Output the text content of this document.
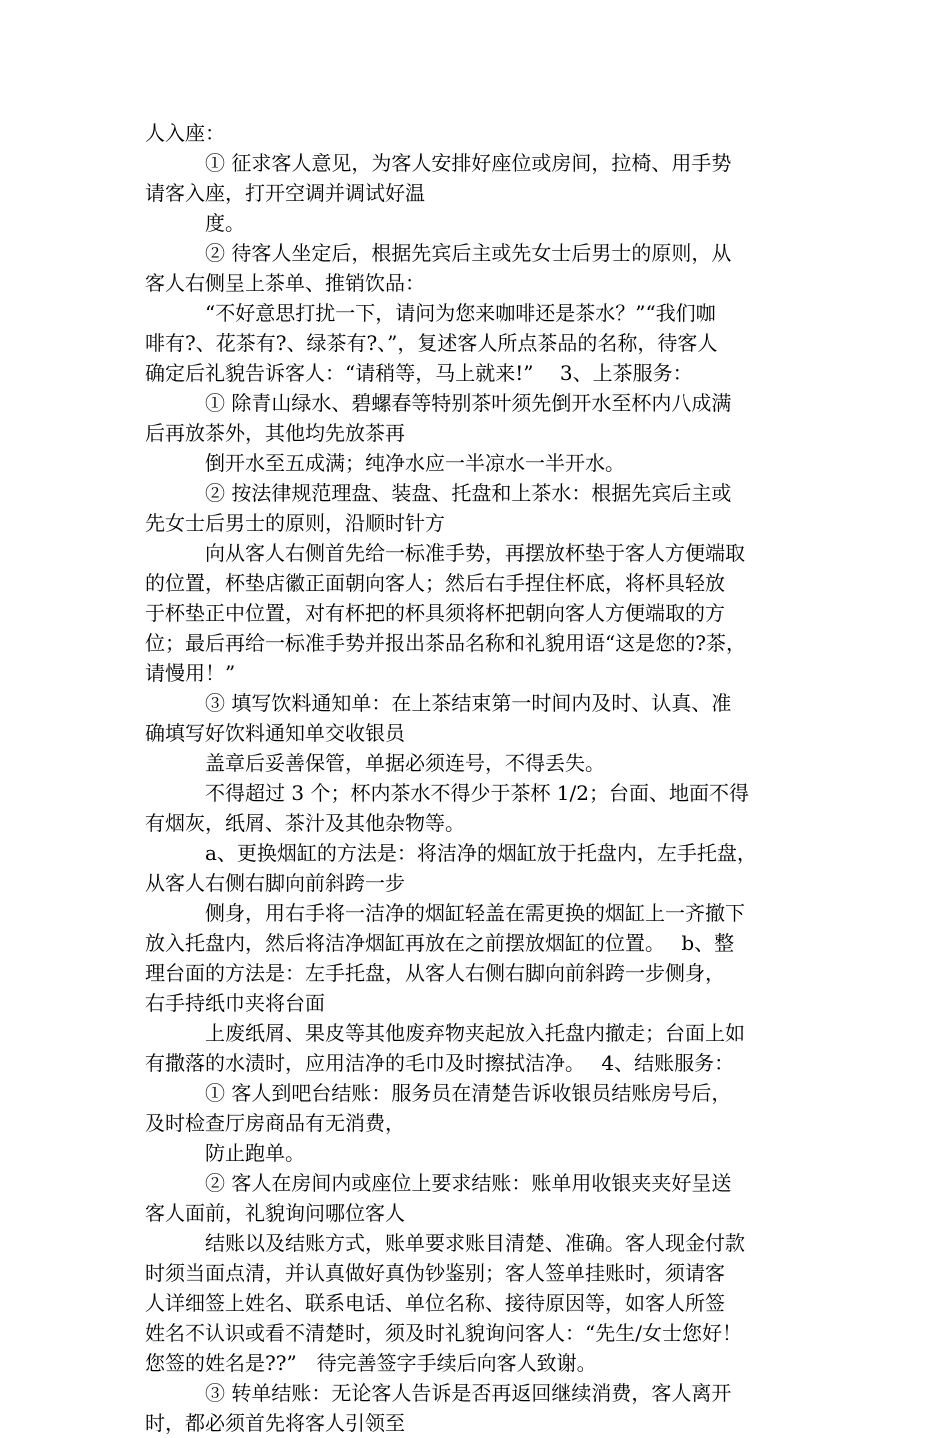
人入座：
① 征求客人意见，为客人安排好座位或房间，拉椅、用手势
请客入座，打开空调并调试好温
度。
② 待客人坐定后，根据先宾后主或先女士后男士的原则，从
客人右侧呈上茶单、推销饮品：
“不好意思打扰一下，请问为您来咖啡还是茶水？”“我们咖
啡有?、花茶有?、绿茶有?、”，复述客人所点茶品的名称，待客人
确定后礼貌告诉客人：“请稍等，马上就来!”　 3、上茶服务：
① 除青山绿水、碧螺春等特别茶叶须先倒开水至杯内八成满
后再放茶外，其他均先放茶再
倒开水至五成满；纯净水应一半凉水一半开水。
② 按法律规范理盘、装盘、托盘和上茶水：根据先宾后主或
先女士后男士的原则，沿顺时针方
向从客人右侧首先给一标准手势，再摆放杯垫于客人方便端取
的位置，杯垫店徽正面朝向客人；然后右手捏住杯底，将杯具轻放
于杯垫正中位置，对有杯把的杯具须将杯把朝向客人方便端取的方
位；最后再给一标准手势并报出茶品名称和礼貌用语“这是您的?茶，
请慢用！”
③ 填写饮料通知单：在上茶结束第一时间内及时、认真、准
确填写好饮料通知单交收银员
盖章后妥善保管，单据必须连号，不得丢失。
不得超过 3 个；杯内茶水不得少于茶杯 1/2；台面、地面不得
有烟灰，纸屑、茶汁及其他杂物等。
a、更换烟缸的方法是：将洁净的烟缸放于托盘内，左手托盘，
从客人右侧右脚向前斜跨一步
侧身，用右手将一洁净的烟缸轻盖在需更换的烟缸上一齐撤下
放入托盘内，然后将洁净烟缸再放在之前摆放烟缸的位置。　 b、整
理台面的方法是：左手托盘，从客人右侧右脚向前斜跨一步侧身，
右手持纸巾夹将台面
上废纸屑、果皮等其他废弃物夹起放入托盘内撤走；台面上如
有撒落的水渍时，应用洁净的毛巾及时擦拭洁净。　 4、结账服务：
① 客人到吧台结账：服务员在清楚告诉收银员结账房号后，
及时检查厅房商品有无消费，
防止跑单。
② 客人在房间内或座位上要求结账：账单用收银夹夹好呈送
客人面前，礼貌询问哪位客人
结账以及结账方式，账单要求账目清楚、准确。客人现金付款
时须当面点清，并认真做好真伪钞鉴别；客人签单挂账时，须请客
人详细签上姓名、联系电话、单位名称、接待原因等，如客人所签
姓名不认识或看不清楚时，须及时礼貌询问客人：“先生/女士您好！
您签的姓名是??”　待完善签字手续后向客人致谢。
③ 转单结账：无论客人告诉是否再返回继续消费，客人离开
时，都必须首先将客人引领至
